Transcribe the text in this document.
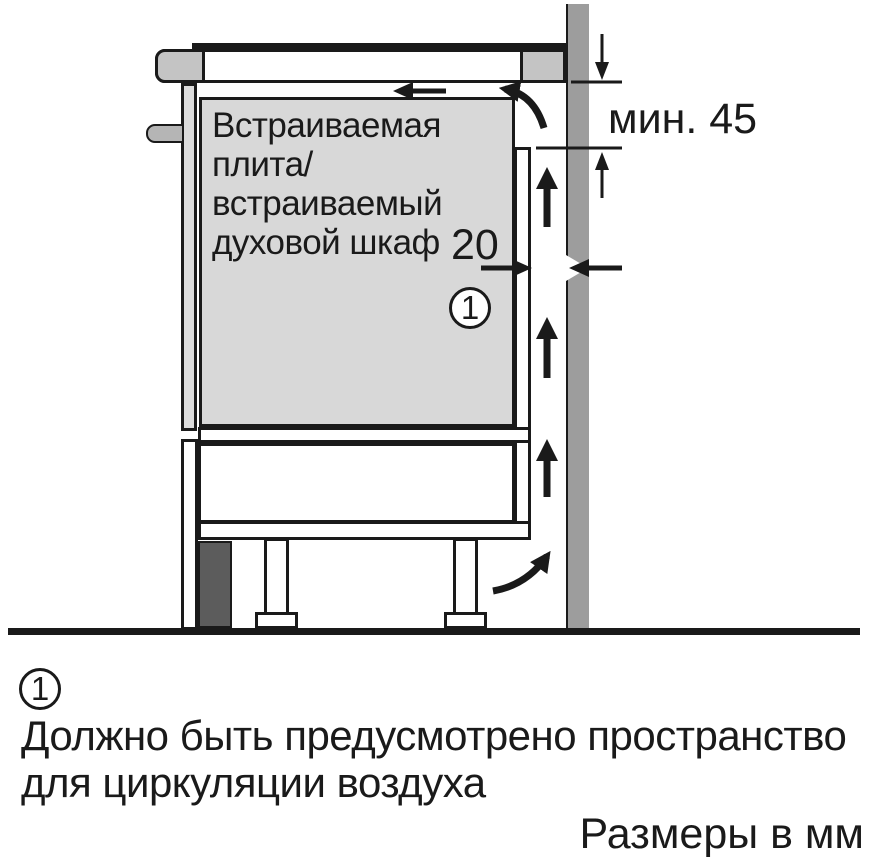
Встраиваемая
плита/
встраиваемый
духовой шкаф 20
мин. 45
1
1
Должно быть предусмотрено пространство
для циркуляции воздуха
Размеры в мм
